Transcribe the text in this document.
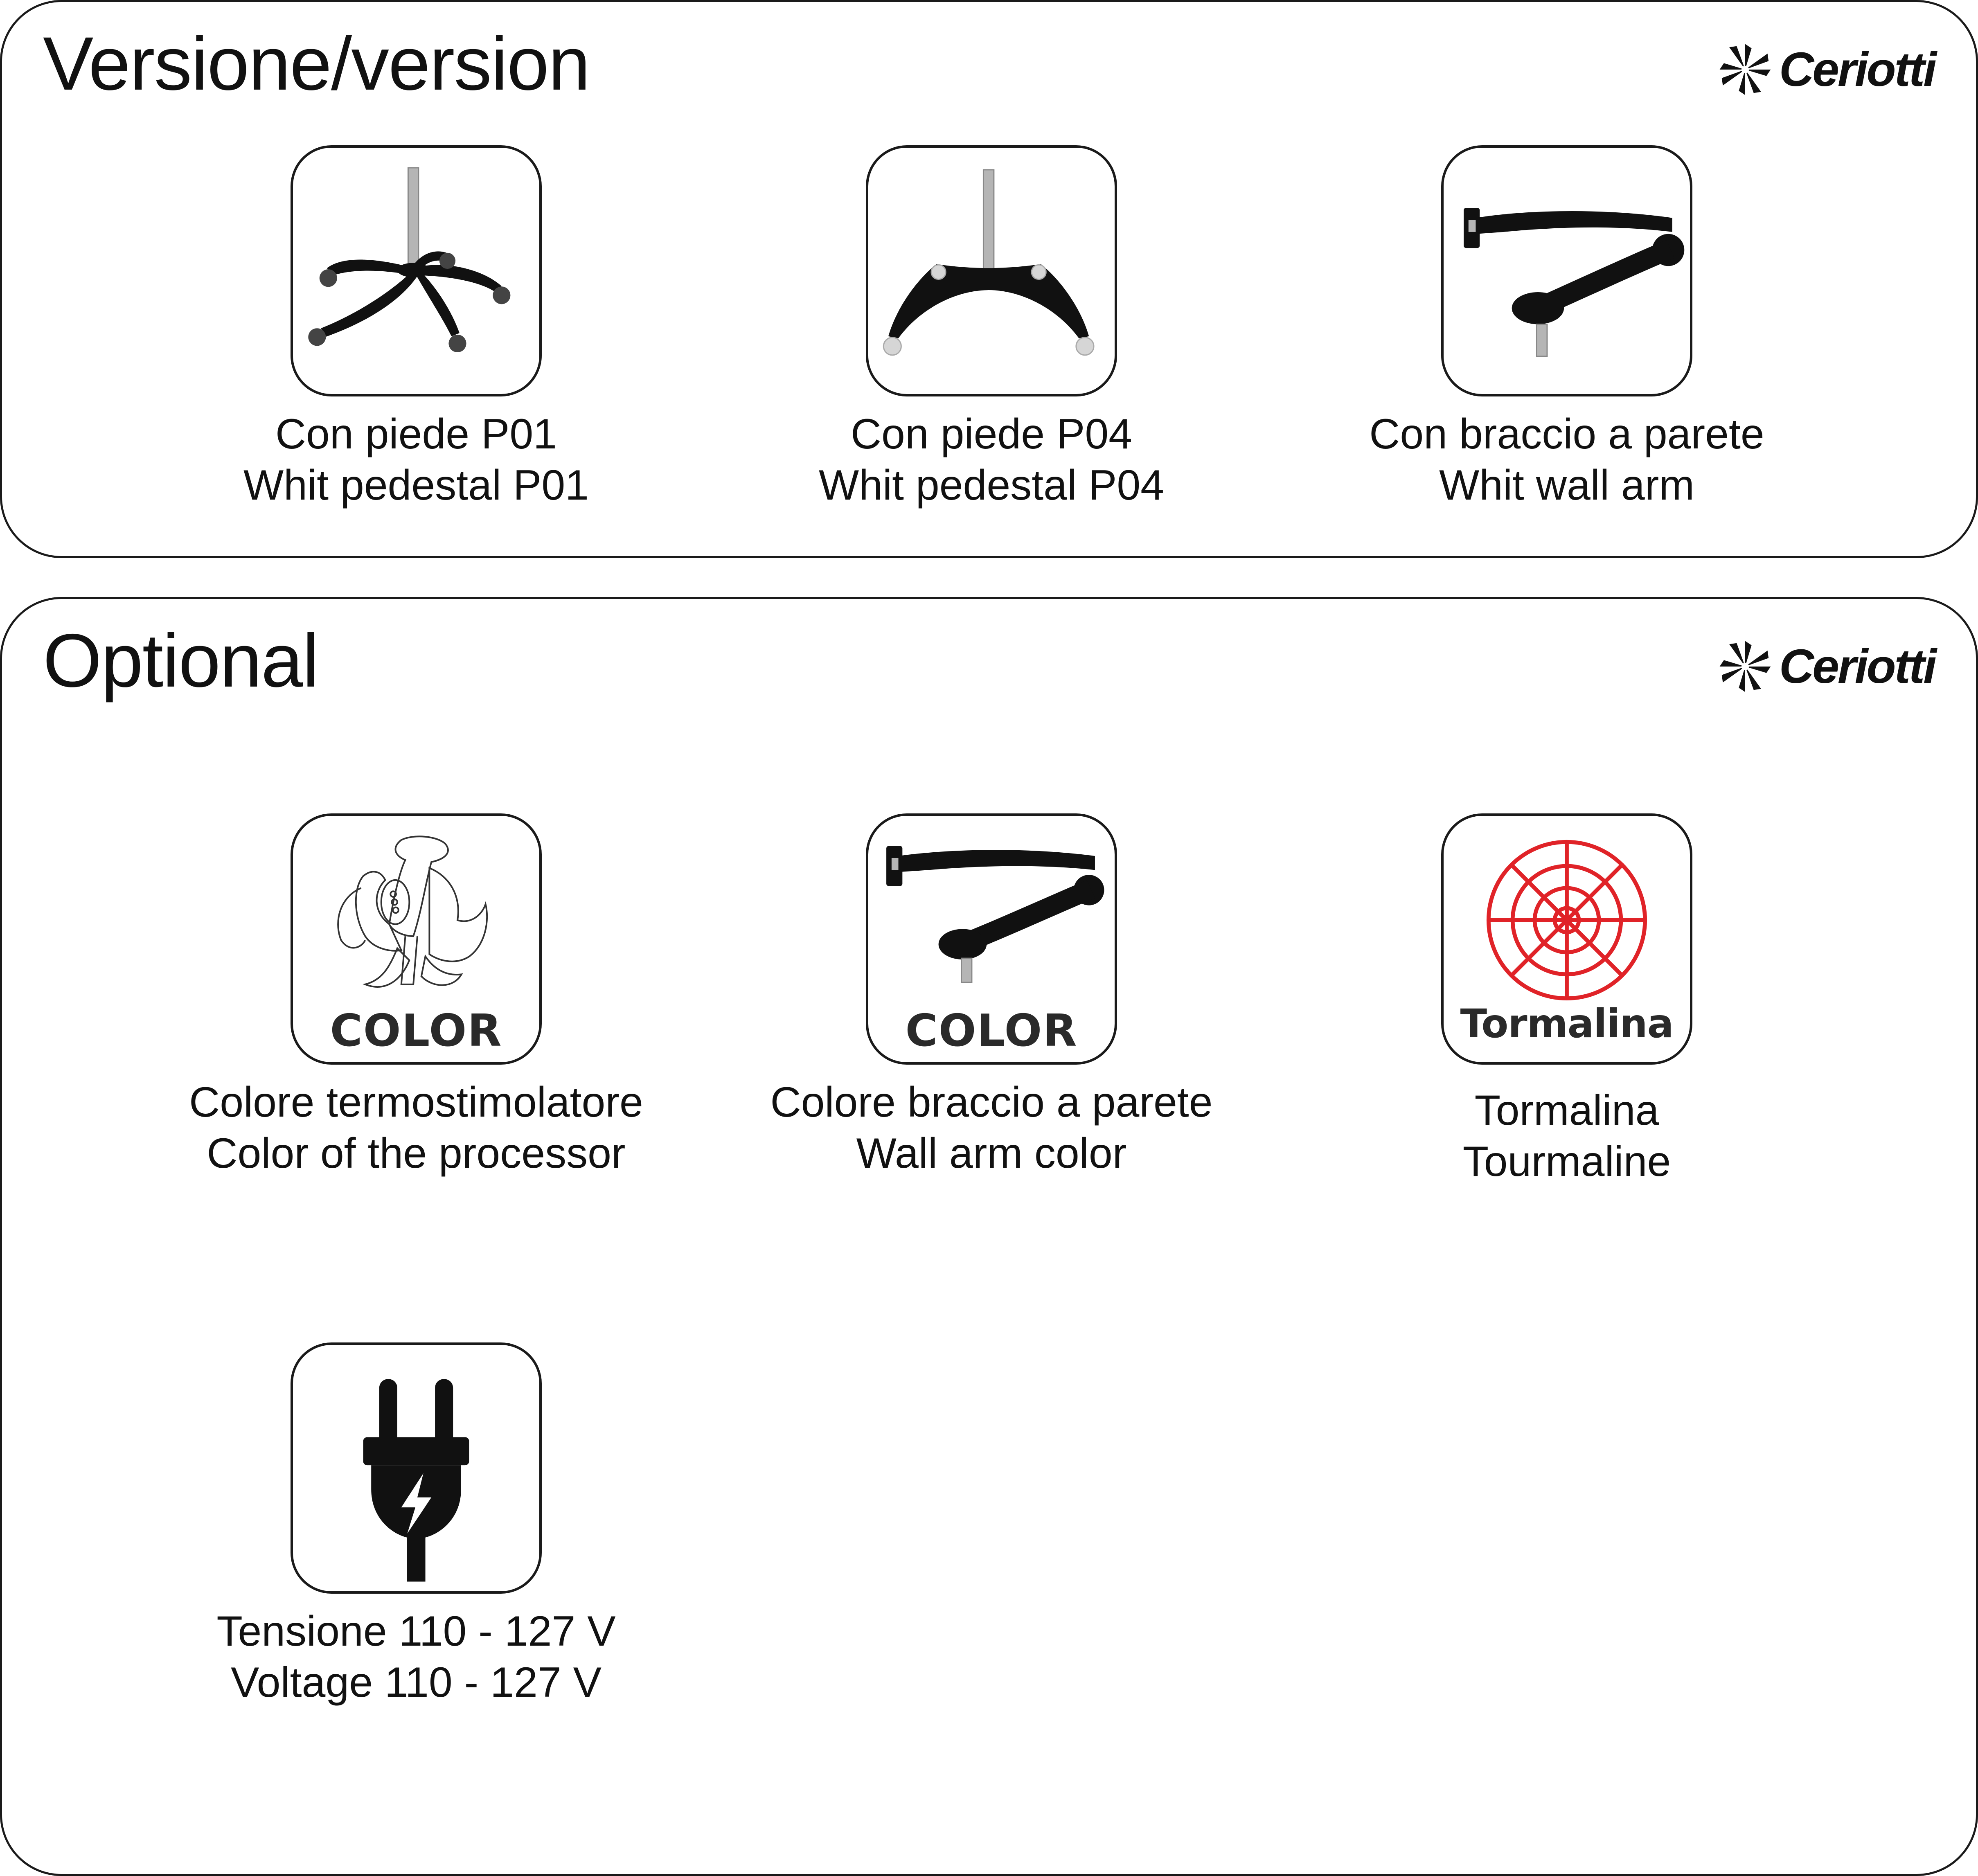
Versione/version	Ceriotti
Con piede P01
Whit pedestal P01
Con piede P04
Whit pedestal P04
Con braccio a parete
Whit wall arm
Optional	Ceriotti
COLOR
Colore termostimolatore
Color of the processor
COLOR
Colore braccio a parete
Wall arm color
Tormalina
Tormalina
Tourmaline
Tensione 110 - 127 V
Voltage 110 - 127 V
